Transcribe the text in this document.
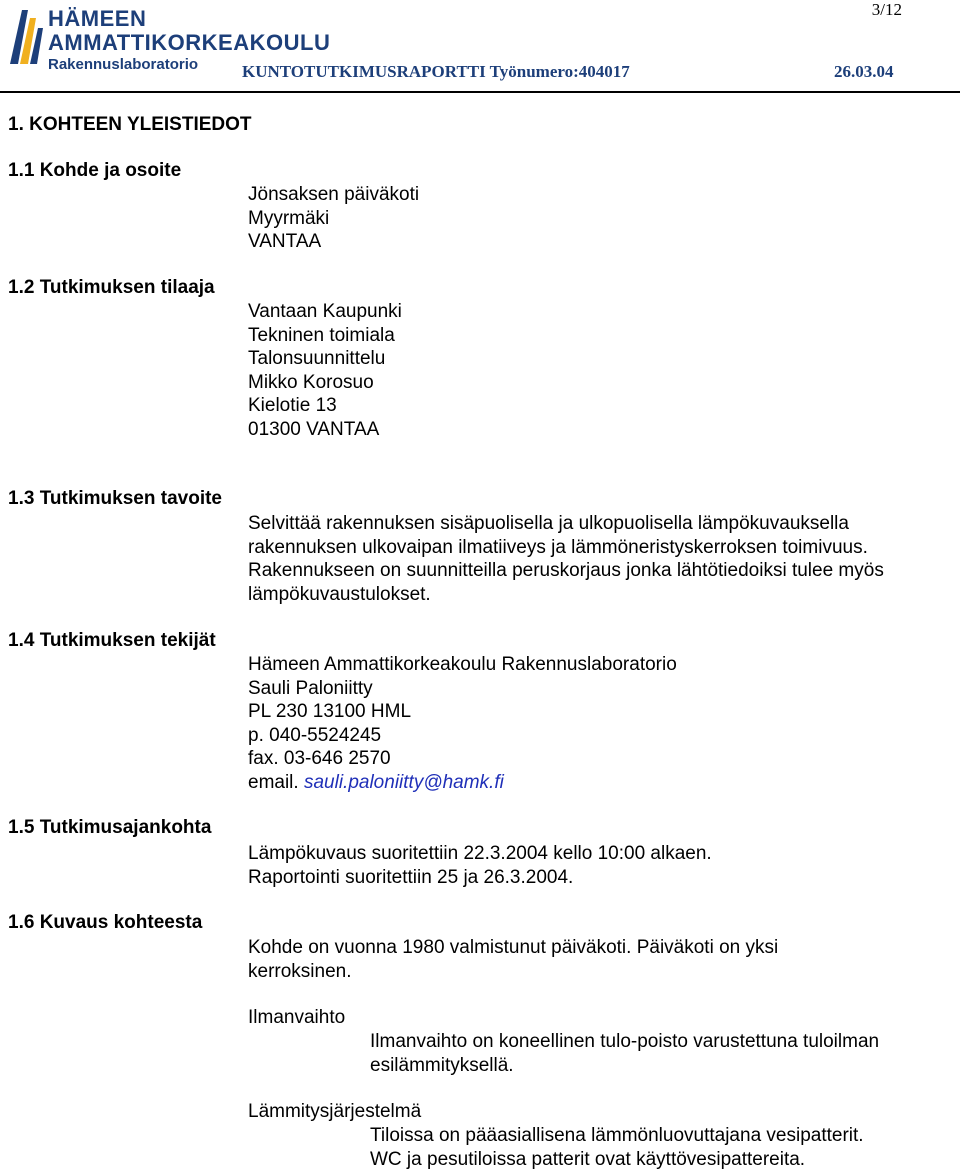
3/12
HÄMEEN
AMMATTIKORKEAKOULU
Rakennuslaboratorio	KUNTOTUTKIMUSRAPORTTI Työnumero:404017	26.03.04
1. KOHTEEN YLEISTIEDOT
1.1 Kohde ja osoite
Jönsaksen päiväkoti
Myyrmäki
VANTAA
1.2 Tutkimuksen tilaaja
Vantaan Kaupunki
Tekninen toimiala
Talonsuunnittelu
Mikko Korosuo
Kielotie 13
01300 VANTAA
1.3 Tutkimuksen tavoite
Selvittää rakennuksen sisäpuolisella ja ulkopuolisella lämpökuvauksella
rakennuksen ulkovaipan ilmatiiveys ja lämmöneristyskerroksen toimivuus.
Rakennukseen on suunnitteilla peruskorjaus jonka lähtötiedoiksi tulee myös
lämpökuvaustulokset.
1.4 Tutkimuksen tekijät
Hämeen Ammattikorkeakoulu Rakennuslaboratorio
Sauli Paloniitty
PL 230 13100 HML
p. 040-5524245
fax. 03-646 2570
email. sauli.paloniitty@hamk.fi
1.5 Tutkimusajankohta
Lämpökuvaus suoritettiin 22.3.2004 kello 10:00 alkaen.
Raportointi suoritettiin 25 ja 26.3.2004.
1.6 Kuvaus kohteesta
Kohde on vuonna 1980 valmistunut päiväkoti. Päiväkoti on yksi
kerroksinen.
Ilmanvaihto
Ilmanvaihto on koneellinen tulo-poisto varustettuna tuloilman
esilämmityksellä.
Lämmitysjärjestelmä
Tiloissa on pääasiallisena lämmönluovuttajana vesipatterit.
WC ja pesutiloissa patterit ovat käyttövesipattereita.
